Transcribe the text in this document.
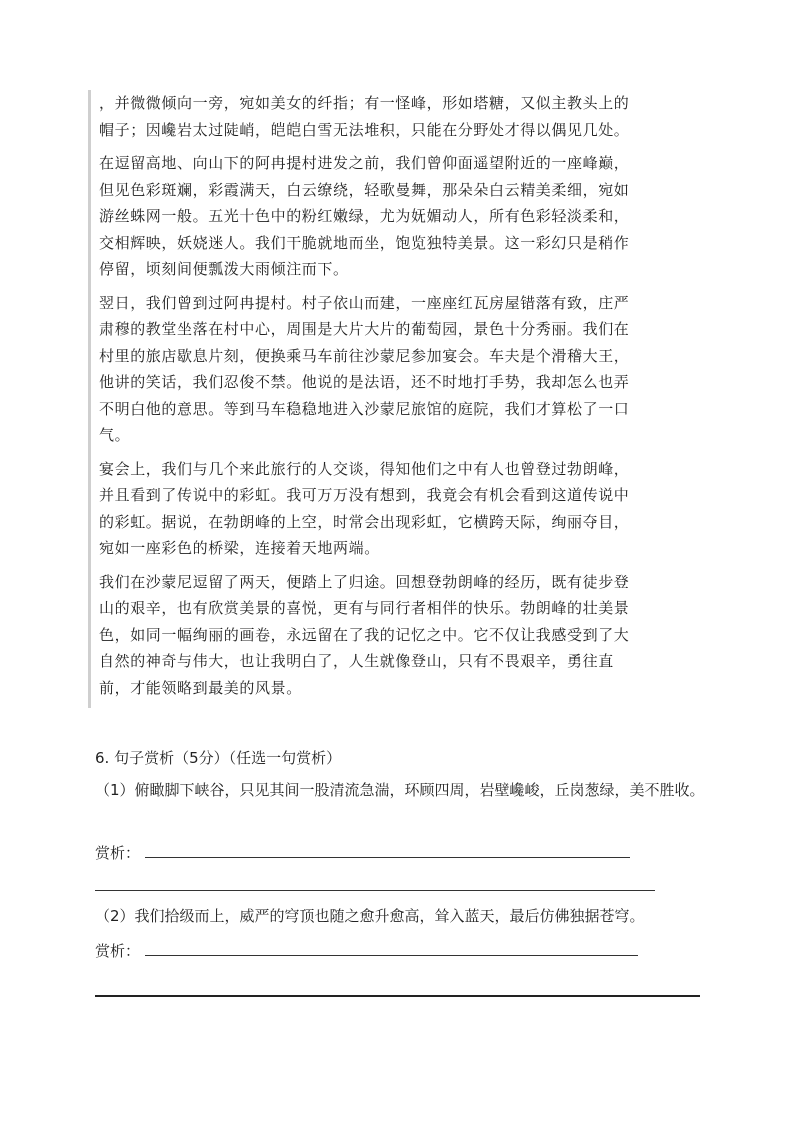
，并微微倾向一旁，宛如美女的纤指；有一怪峰，形如塔糖，又似主教头上的帽子；因巉岩太过陡峭，皑皑白雪无法堆积，只能在分野处才得以偶见几处。

在逗留高地、向山下的阿冉提村进发之前，我们曾仰面遥望附近的一座峰巅，但见色彩斑斓，彩霞满天，白云缭绕，轻歌曼舞，那朵朵白云精美柔细，宛如游丝蛛网一般。五光十色中的粉红嫩绿，尤为妩媚动人，所有色彩轻淡柔和，交相辉映，妖娆迷人。我们干脆就地而坐，饱览独特美景。这一彩幻只是稍作停留，顷刻间便瓢泼大雨倾注而下。

翌日，我们曾到过阿冉提村。村子依山而建，一座座红瓦房屋错落有致，庄严肃穆的教堂坐落在村中心，周围是大片大片的葡萄园，景色十分秀丽。我们在村里的旅店歇息片刻，便换乘马车前往沙蒙尼参加宴会。车夫是个滑稽大王，他讲的笑话，我们忍俊不禁。他说的是法语，还不时地打手势，我却怎么也弄不明白他的意思。等到马车稳稳地进入沙蒙尼旅馆的庭院，我们才算松了一口气。

宴会上，我们与几个来此旅行的人交谈，得知他们之中有人也曾登过勃朗峰，并且看到了传说中的彩虹。我可万万没有想到，我竟会有机会看到这道传说中的彩虹。据说，在勃朗峰的上空，时常会出现彩虹，它横跨天际，绚丽夺目，宛如一座彩色的桥梁，连接着天地两端。

我们在沙蒙尼逗留了两天，便踏上了归途。回想登勃朗峰的经历，既有徒步登山的艰辛，也有欣赏美景的喜悦，更有与同行者相伴的快乐。勃朗峰的壮美景色，如同一幅绚丽的画卷，永远留在了我的记忆之中。它不仅让我感受到了大自然的神奇与伟大，也让我明白了，人生就像登山，只有不畏艰辛，勇往直前，才能领略到最美的风景。

6. 句子赏析（5分）（任选一句赏析）
（1）俯瞰脚下峡谷，只见其间一股清流急湍，环顾四周，岩壁巉峻，丘岗葱绿，美不胜收。
赏析：
（2）我们拾级而上，威严的穹顶也随之愈升愈高，耸入蓝天，最后仿佛独据苍穹。
赏析：
